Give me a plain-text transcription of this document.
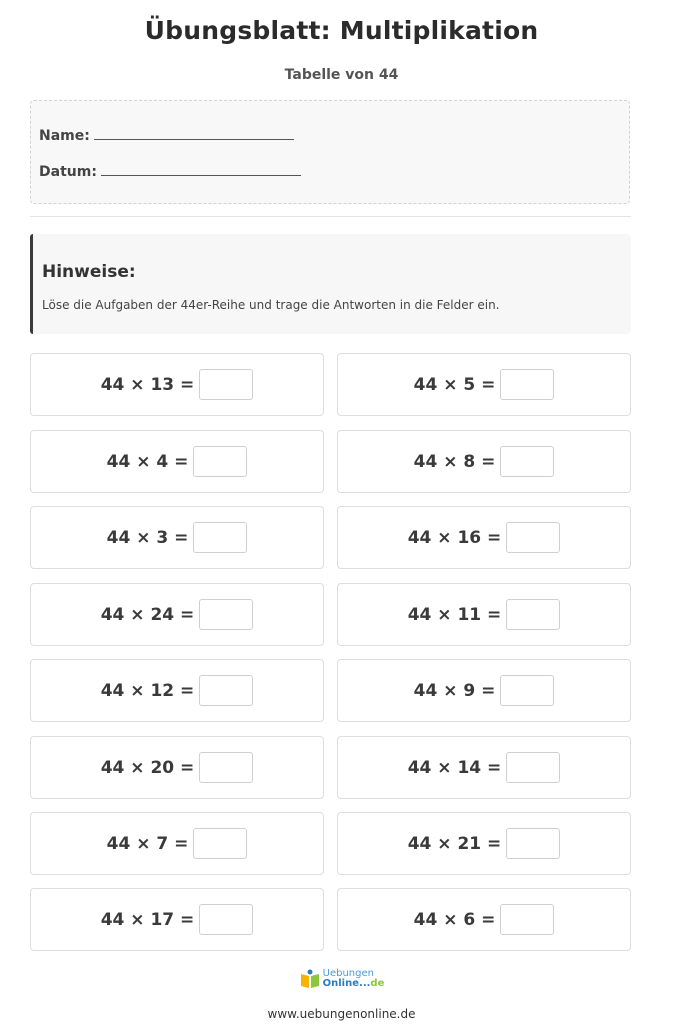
Übungsblatt: Multiplikation
Tabelle von 44
Name:
Datum:
Hinweise:
Löse die Aufgaben der 44er-Reihe und trage die Antworten in die Felder ein.
44 × 13 =	44 × 5 =
44 × 4 =	44 × 8 =
44 × 3 =	44 × 16 =
44 × 24 =	44 × 11 =
44 × 12 =	44 × 9 =
44 × 20 =	44 × 14 =
44 × 7 =	44 × 21 =
44 × 17 =	44 × 6 =
Uebungen
Online...de
www.uebungenonline.de
